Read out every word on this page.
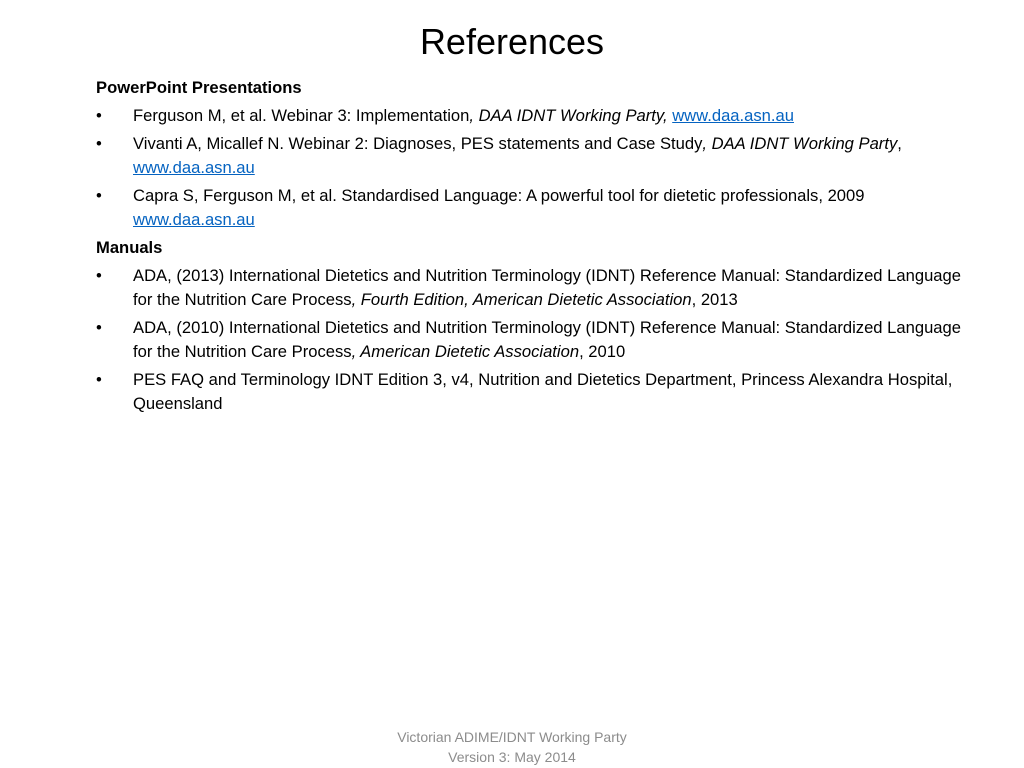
References
PowerPoint Presentations
• Ferguson M, et al. Webinar 3: Implementation, DAA IDNT Working Party, www.daa.asn.au
• Vivanti A, Micallef N. Webinar 2: Diagnoses, PES statements and Case Study, DAA IDNT Working Party, www.daa.asn.au
• Capra S, Ferguson M, et al. Standardised Language: A powerful tool for dietetic professionals, 2009 www.daa.asn.au
Manuals
• ADA, (2013) International Dietetics and Nutrition Terminology (IDNT) Reference Manual: Standardized Language for the Nutrition Care Process, Fourth Edition, American Dietetic Association, 2013
• ADA, (2010) International Dietetics and Nutrition Terminology (IDNT) Reference Manual: Standardized Language for the Nutrition Care Process, American Dietetic Association, 2010
• PES FAQ and Terminology IDNT Edition 3, v4, Nutrition and Dietetics Department, Princess Alexandra Hospital, Queensland
Victorian ADIME/IDNT Working Party
Version 3: May 2014
